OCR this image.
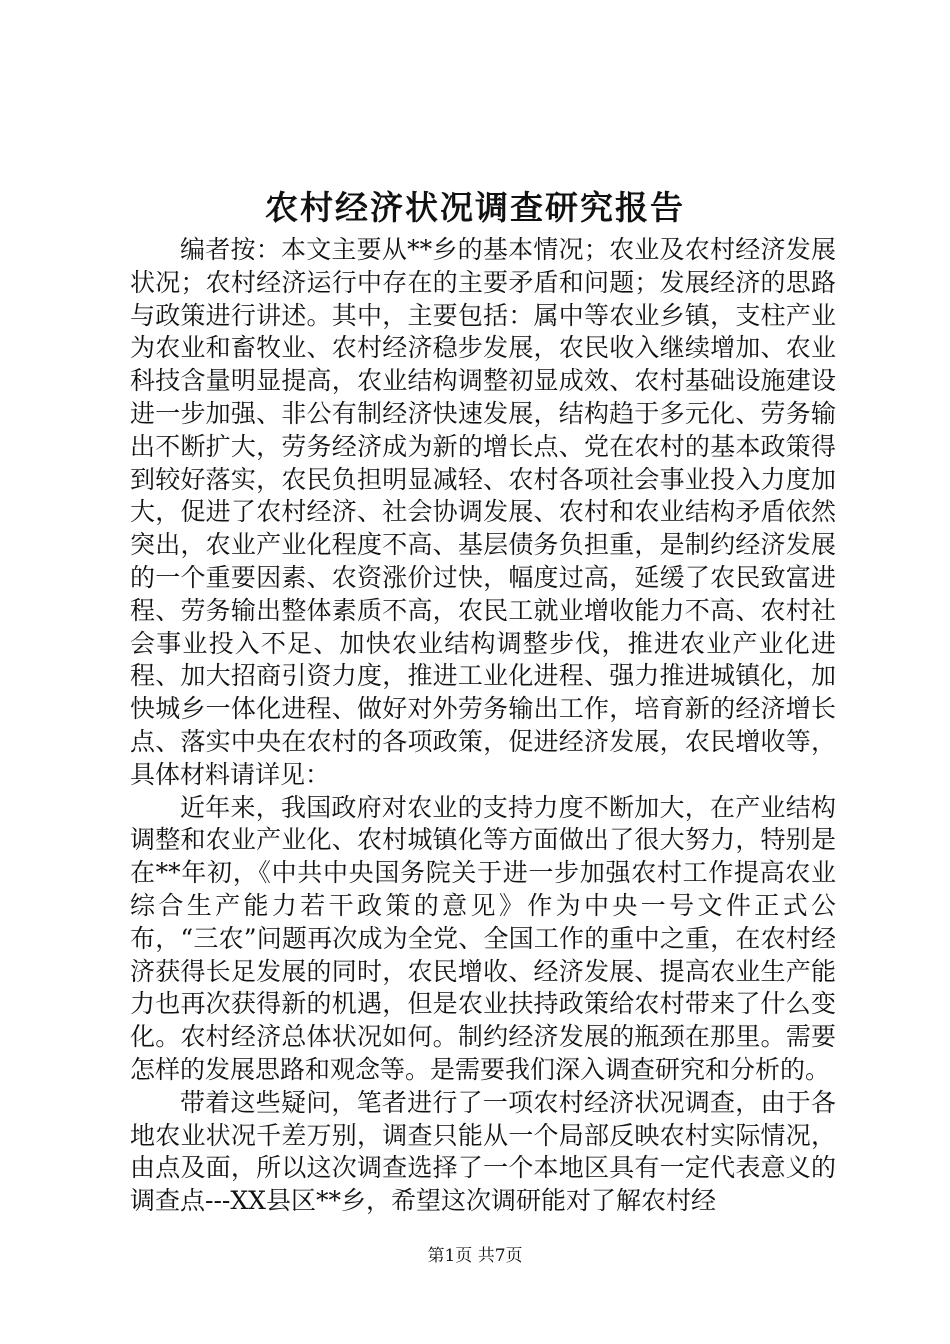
农村经济状况调查研究报告

编者按：本文主要从**乡的基本情况；农业及农村经济发展状况；农村经济运行中存在的主要矛盾和问题；发展经济的思路与政策进行讲述。其中，主要包括：属中等农业乡镇，支柱产业为农业和畜牧业、农村经济稳步发展，农民收入继续增加、农业科技含量明显提高，农业结构调整初显成效、农村基础设施建设进一步加强、非公有制经济快速发展，结构趋于多元化、劳务输出不断扩大，劳务经济成为新的增长点、党在农村的基本政策得到较好落实，农民负担明显减轻、农村各项社会事业投入力度加大，促进了农村经济、社会协调发展、农村和农业结构矛盾依然突出，农业产业化程度不高、基层债务负担重，是制约经济发展的一个重要因素、农资涨价过快，幅度过高，延缓了农民致富进程、劳务输出整体素质不高，农民工就业增收能力不高、农村社会事业投入不足、加快农业结构调整步伐，推进农业产业化进程、加大招商引资力度，推进工业化进程、强力推进城镇化，加快城乡一体化进程、做好对外劳务输出工作，培育新的经济增长点、落实中央在农村的各项政策，促进经济发展，农民增收等，具体材料请详见：

近年来，我国政府对农业的支持力度不断加大，在产业结构调整和农业产业化、农村城镇化等方面做出了很大努力，特别是在**年初，《中共中央国务院关于进一步加强农村工作提高农业综合生产能力若干政策的意见》作为中央一号文件正式公布，“三农”问题再次成为全党、全国工作的重中之重，在农村经济获得长足发展的同时，农民增收、经济发展、提高农业生产能力也再次获得新的机遇，但是农业扶持政策给农村带来了什么变化。农村经济总体状况如何。制约经济发展的瓶颈在那里。需要怎样的发展思路和观念等。是需要我们深入调查研究和分析的。

带着这些疑问，笔者进行了一项农村经济状况调查，由于各地农业状况千差万别，调查只能从一个局部反映农村实际情况，由点及面，所以这次调查选择了一个本地区具有一定代表意义的调查点---XX县区**乡，希望这次调研能对了解农村经

第1页 共7页
